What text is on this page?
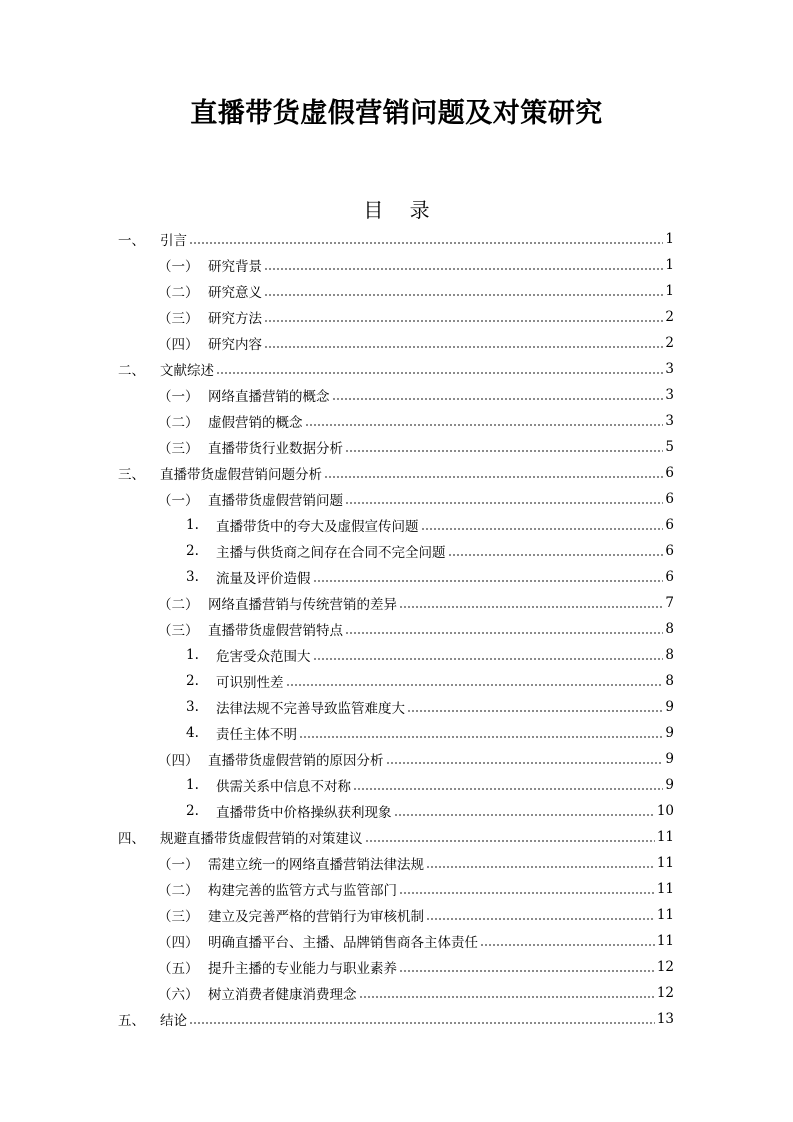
直播带货虚假营销问题及对策研究
目 录
一、	引言	1
（一） 研究背景	1
（二） 研究意义	1
（三） 研究方法	2
（四） 研究内容	2
二、	文献综述	3
（一） 网络直播营销的概念	3
（二） 虚假营销的概念	3
（三） 直播带货行业数据分析	5
三、	直播带货虚假营销问题分析	6
（一） 直播带货虚假营销问题	6
1.	直播带货中的夸大及虚假宣传问题	6
2.	主播与供货商之间存在合同不完全问题	6
3.	流量及评价造假	6
（二） 网络直播营销与传统营销的差异	7
（三） 直播带货虚假营销特点	8
1.	危害受众范围大	8
2.	可识别性差	8
3.	法律法规不完善导致监管难度大	9
4.	责任主体不明	9
（四） 直播带货虚假营销的原因分析	9
1.	供需关系中信息不对称	9
2.	直播带货中价格操纵获利现象	10
四、	规避直播带货虚假营销的对策建议	11
（一） 需建立统一的网络直播营销法律法规	11
（二） 构建完善的监管方式与监管部门	11
（三） 建立及完善严格的营销行为审核机制	11
（四） 明确直播平台、主播、品牌销售商各主体责任	11
（五） 提升主播的专业能力与职业素养	12
（六） 树立消费者健康消费理念	12
五、	结论	13
